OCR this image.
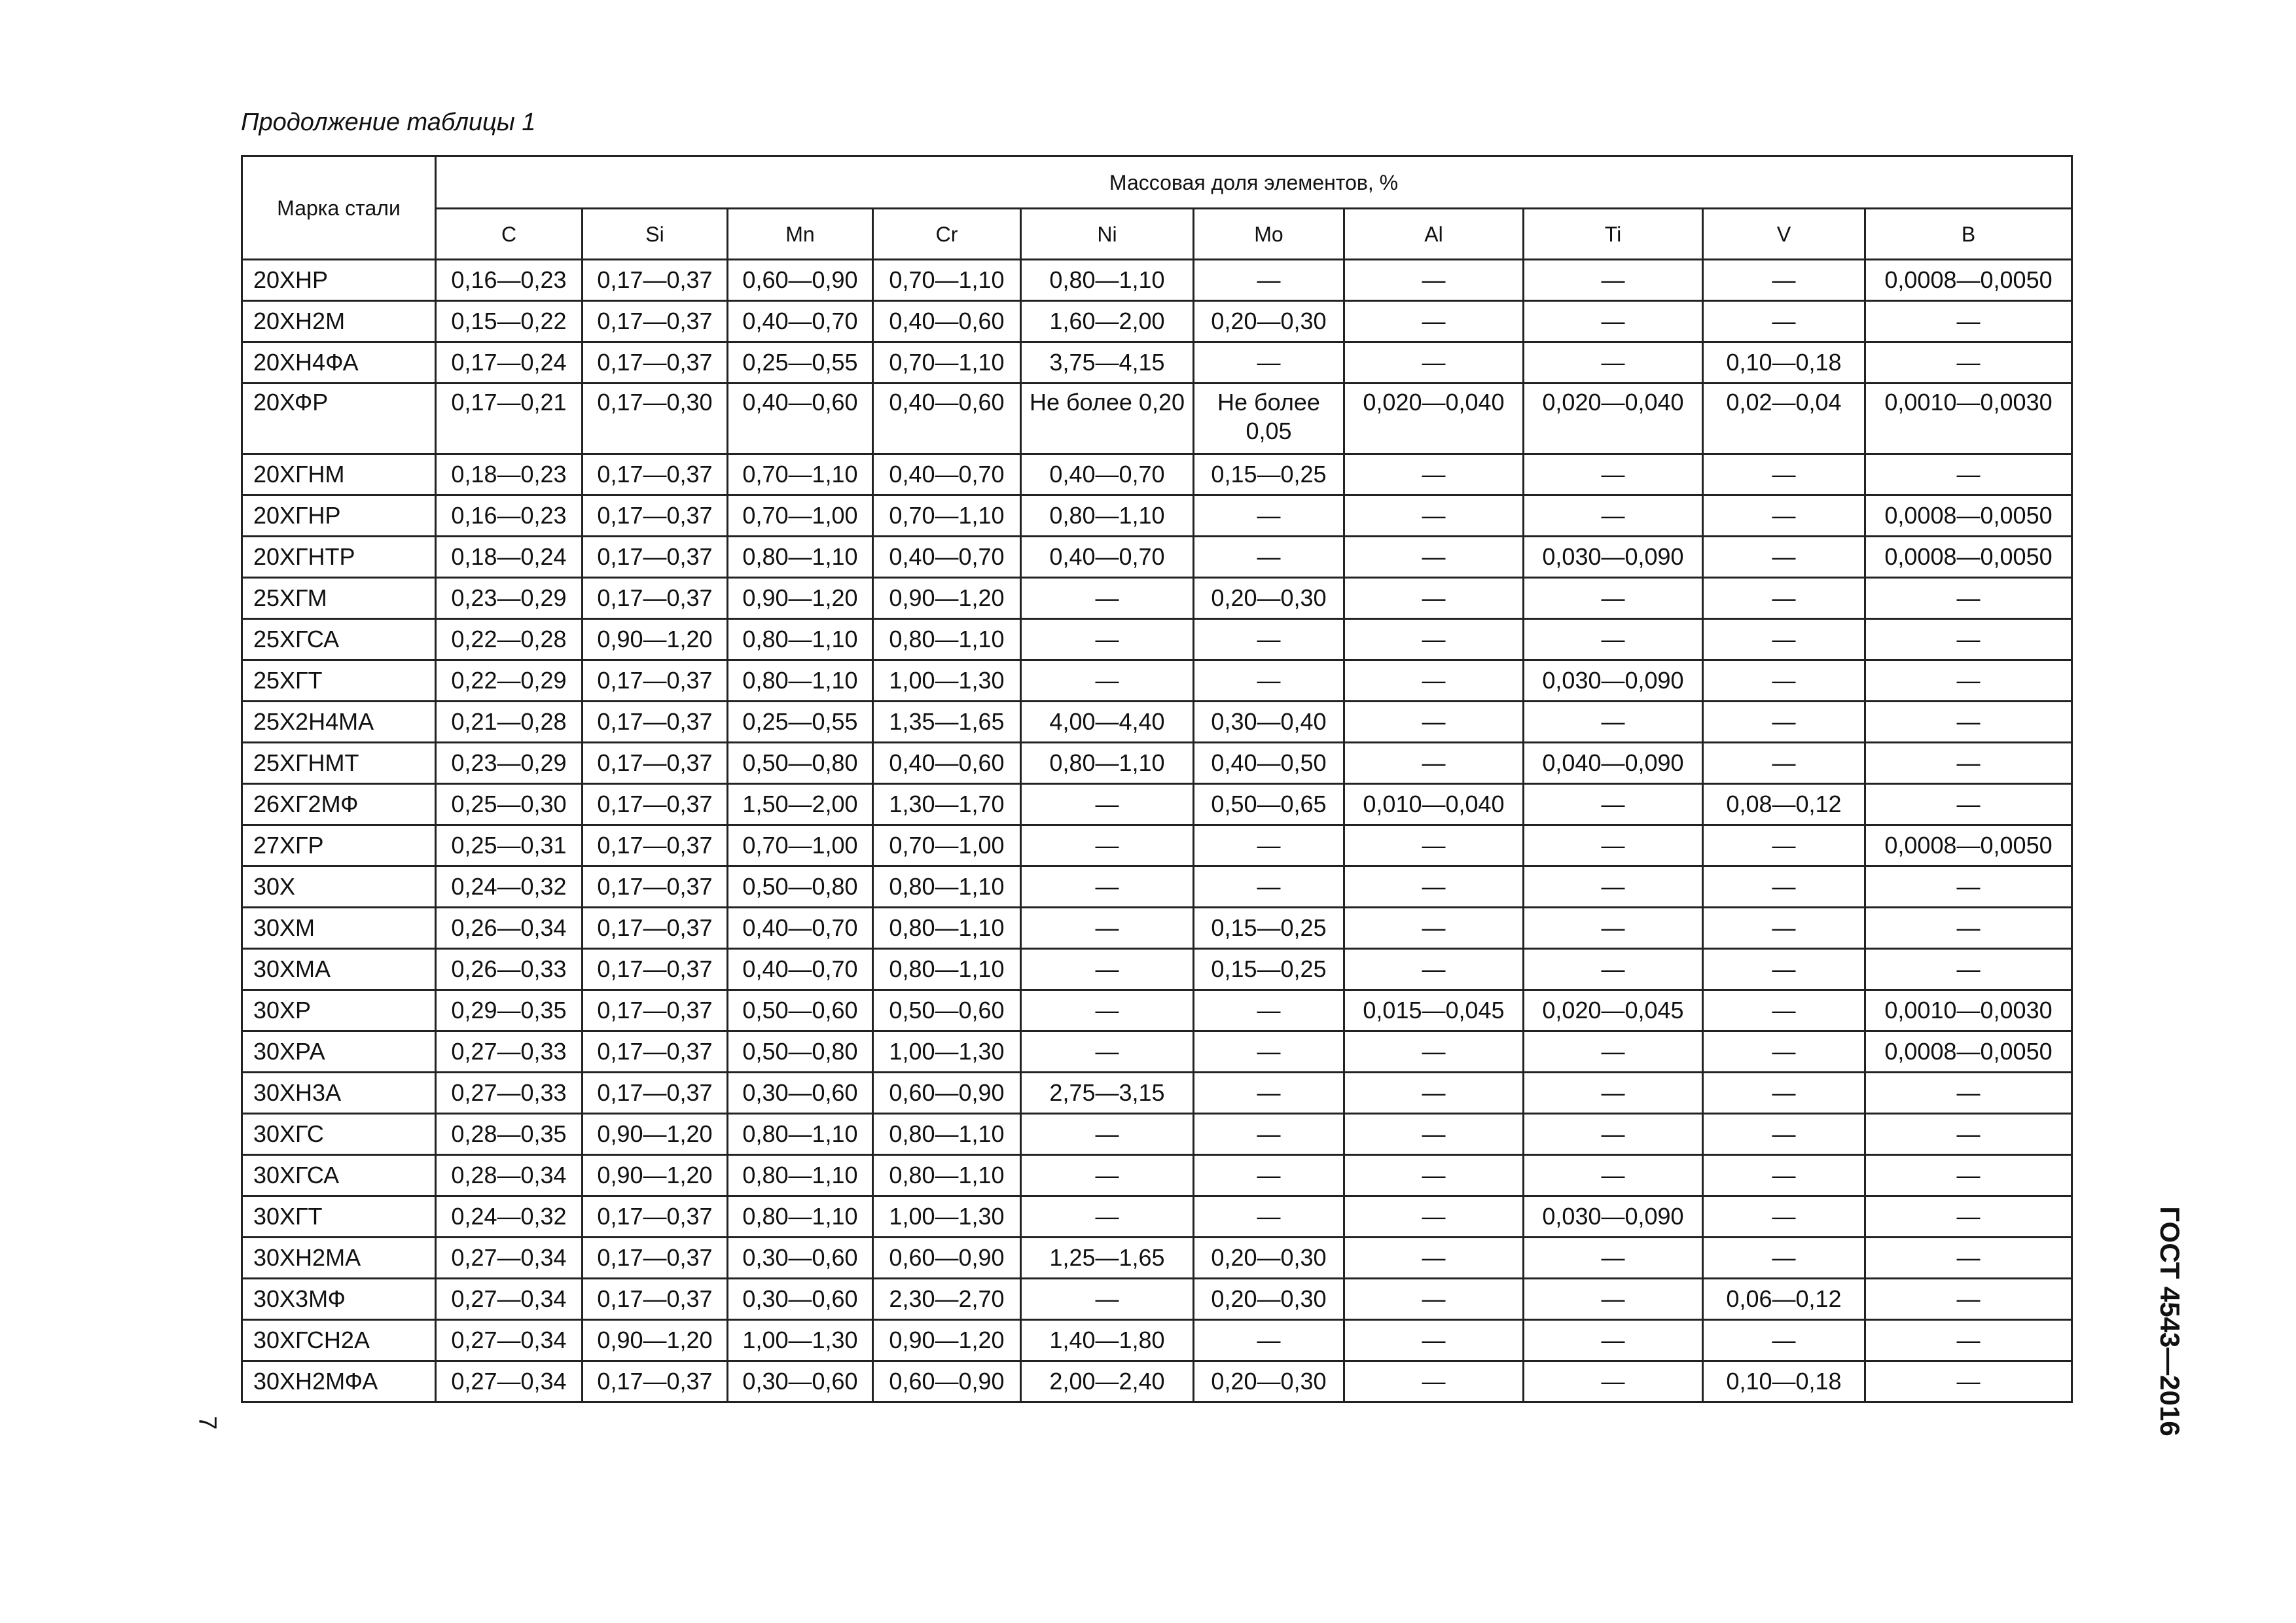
Продолжение таблицы 1
Марка стали	Массовая доля элементов, %									
	C	Si	Mn	Cr	Ni	Mo	Al	Ti	V	B
20ХНР	0,16—0,23	0,17—0,37	0,60—0,90	0,70—1,10	0,80—1,10	—	—	—	—	0,0008—0,0050
20ХН2М	0,15—0,22	0,17—0,37	0,40—0,70	0,40—0,60	1,60—2,00	0,20—0,30	—	—	—	—
20ХН4ФА	0,17—0,24	0,17—0,37	0,25—0,55	0,70—1,10	3,75—4,15	—	—	—	0,10—0,18	—
20ХФР	0,17—0,21	0,17—0,30	0,40—0,60	0,40—0,60	Не более 0,20	Не более 0,05	0,020—0,040	0,020—0,040	0,02—0,04	0,0010—0,0030
20ХГНМ	0,18—0,23	0,17—0,37	0,70—1,10	0,40—0,70	0,40—0,70	0,15—0,25	—	—	—	—
20ХГНР	0,16—0,23	0,17—0,37	0,70—1,00	0,70—1,10	0,80—1,10	—	—	—	—	0,0008—0,0050
20ХГНТР	0,18—0,24	0,17—0,37	0,80—1,10	0,40—0,70	0,40—0,70	—	—	0,030—0,090	—	0,0008—0,0050
25ХГМ	0,23—0,29	0,17—0,37	0,90—1,20	0,90—1,20	—	0,20—0,30	—	—	—	—
25ХГСА	0,22—0,28	0,90—1,20	0,80—1,10	0,80—1,10	—	—	—	—	—	—
25ХГТ	0,22—0,29	0,17—0,37	0,80—1,10	1,00—1,30	—	—	—	0,030—0,090	—	—
25Х2Н4МА	0,21—0,28	0,17—0,37	0,25—0,55	1,35—1,65	4,00—4,40	0,30—0,40	—	—	—	—
25ХГНМТ	0,23—0,29	0,17—0,37	0,50—0,80	0,40—0,60	0,80—1,10	0,40—0,50	—	0,040—0,090	—	—
26ХГ2МФ	0,25—0,30	0,17—0,37	1,50—2,00	1,30—1,70	—	0,50—0,65	0,010—0,040	—	0,08—0,12	—
27ХГР	0,25—0,31	0,17—0,37	0,70—1,00	0,70—1,00	—	—	—	—	—	0,0008—0,0050
30Х	0,24—0,32	0,17—0,37	0,50—0,80	0,80—1,10	—	—	—	—	—	—
30ХМ	0,26—0,34	0,17—0,37	0,40—0,70	0,80—1,10	—	0,15—0,25	—	—	—	—
30ХМА	0,26—0,33	0,17—0,37	0,40—0,70	0,80—1,10	—	0,15—0,25	—	—	—	—
30ХР	0,29—0,35	0,17—0,37	0,50—0,60	0,50—0,60	—	—	0,015—0,045	0,020—0,045	—	0,0010—0,0030
30ХРА	0,27—0,33	0,17—0,37	0,50—0,80	1,00—1,30	—	—	—	—	—	0,0008—0,0050
30ХН3А	0,27—0,33	0,17—0,37	0,30—0,60	0,60—0,90	2,75—3,15	—	—	—	—	—
30ХГС	0,28—0,35	0,90—1,20	0,80—1,10	0,80—1,10	—	—	—	—	—	—
30ХГСА	0,28—0,34	0,90—1,20	0,80—1,10	0,80—1,10	—	—	—	—	—	—
30ХГТ	0,24—0,32	0,17—0,37	0,80—1,10	1,00—1,30	—	—	—	0,030—0,090	—	—
30ХН2МА	0,27—0,34	0,17—0,37	0,30—0,60	0,60—0,90	1,25—1,65	0,20—0,30	—	—	—	—
30Х3МФ	0,27—0,34	0,17—0,37	0,30—0,60	2,30—2,70	—	0,20—0,30	—	—	0,06—0,12	—
30ХГСН2А	0,27—0,34	0,90—1,20	1,00—1,30	0,90—1,20	1,40—1,80	—	—	—	—	—
30ХН2МФА	0,27—0,34	0,17—0,37	0,30—0,60	0,60—0,90	2,00—2,40	0,20—0,30	—	—	0,10—0,18	—	ГОСТ 4543—2016
7
